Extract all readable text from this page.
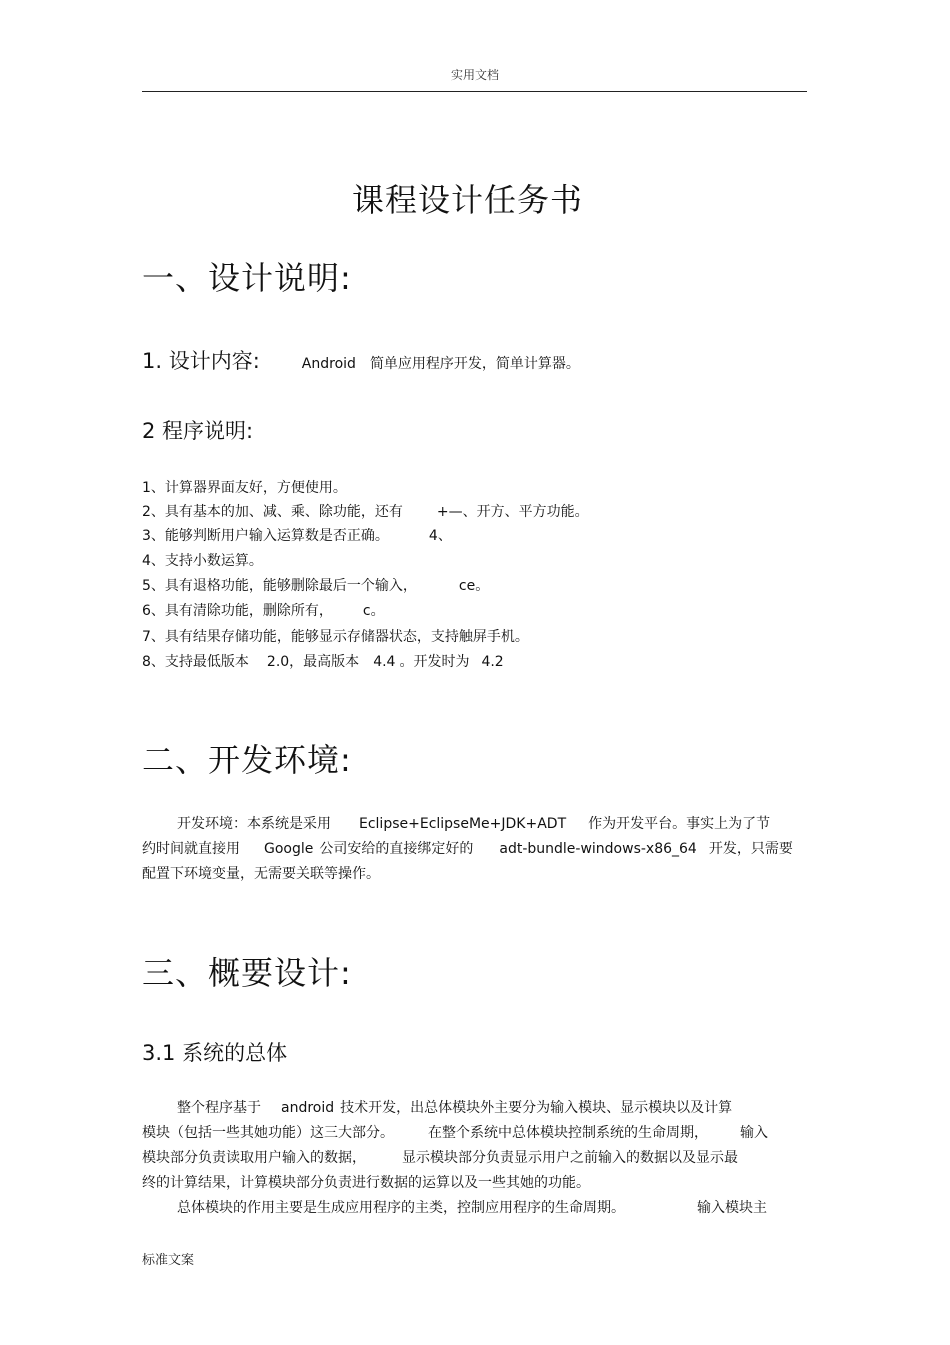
实用文档
课程设计任务书
一、设计说明:
1. 设计内容:	Android 简单应用程序开发，简单计算器。
2 程序说明:
1、计算器界面友好，方便使用。
2、具有基本的加、减、乘、除功能，还有 +—、开方、平方功能。
3、能够判断用户输入运算数是否正确。	4、
4、支持小数运算。
5、具有退格功能，能够删除最后一个输入，	ce。
6、具有清除功能，删除所有， c。
7、具有结果存储功能，能够显示存储器状态，支持触屏手机。
8、支持最低版本 2.0，最高版本 4.4 。开发时为 4.2
二、开发环境:
开发环境：本系统是采用 Eclipse+EclipseMe+JDK+ADT 作为开发平台。事实上为了节
约时间就直接用 Google 公司安给的直接绑定好的 adt-bundle-windows-x86_64 开发，只需要
配置下环境变量，无需要关联等操作。
三、概要设计:
3.1 系统的总体
整个程序基于 android 技术开发，出总体模块外主要分为输入模块、显示模块以及计算
模块（包括一些其她功能）这三大部分。 在整个系统中总体模块控制系统的生命周期， 输入
模块部分负责读取用户输入的数据，	显示模块部分负责显示用户之前输入的数据以及显示最
终的计算结果，计算模块部分负责进行数据的运算以及一些其她的功能。
总体模块的作用主要是生成应用程序的主类，控制应用程序的生命周期。	输入模块主
标准文案
